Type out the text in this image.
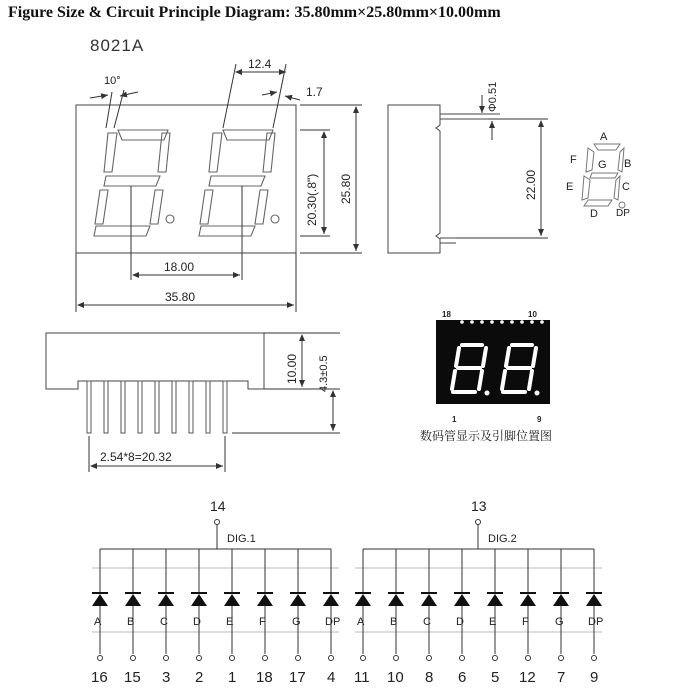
Figure Size & Circuit Principle Diagram: 35.80mm×25.80mm×10.00mm
8021A
10°
12.4
1.7
20.30(.8") 25.80
18.00
35.80
Φ0.51
22.00
A
B
C
D
E
F G
DP
10.00 4.3±0.5
2.54*8=20.32
18	10
1	9
数码管显示及引脚位置图
14
DIG.1
A
16
B
15
C
3
D
2
E
1
F
18
G
17
DP
4
13
DIG.2
A
11
B
10
C
8
D
6
E
5
F
12
G
7
DP
9
